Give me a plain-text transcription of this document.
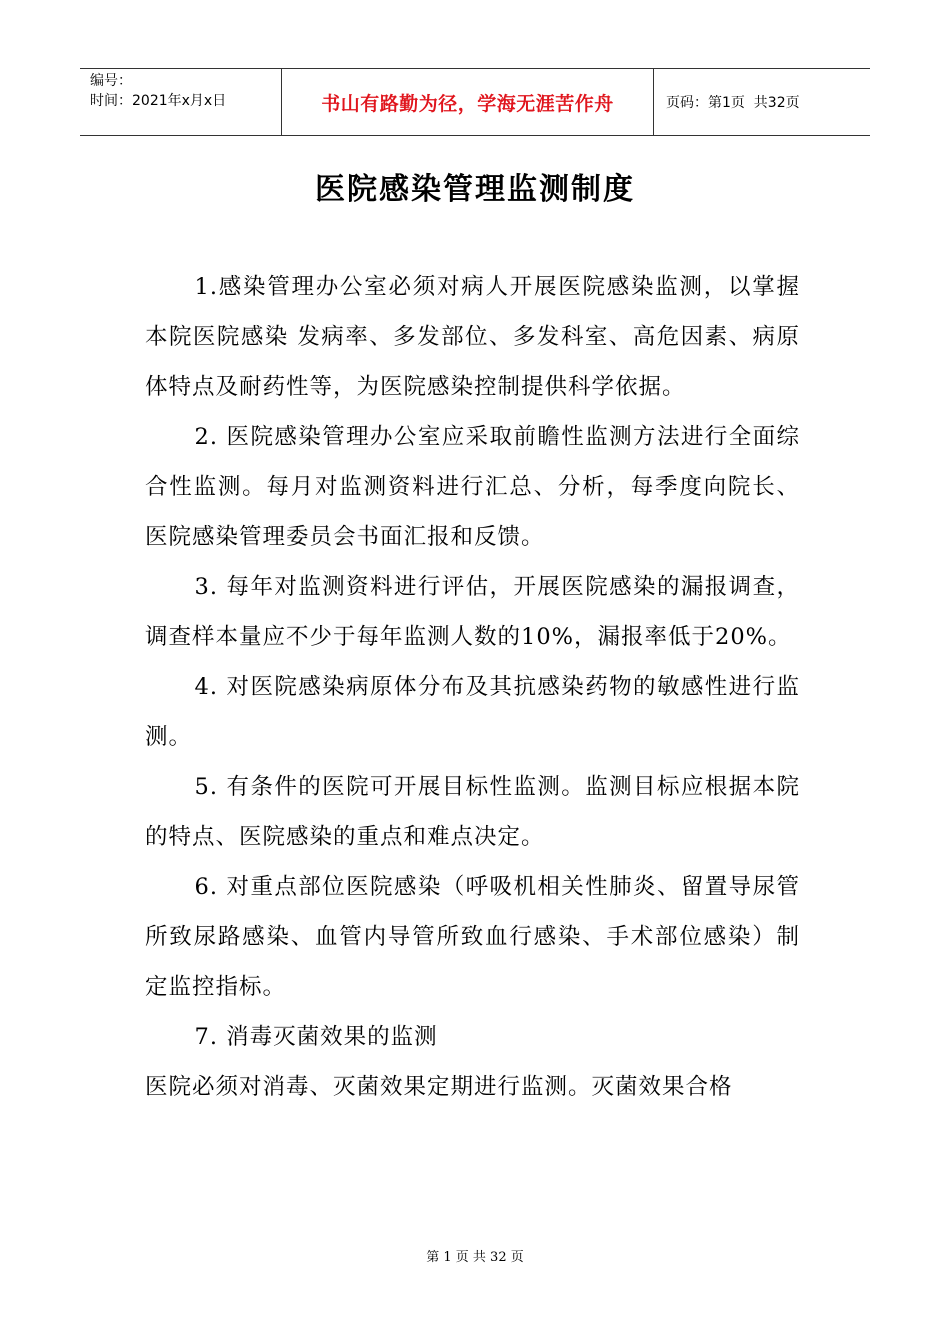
编号：
时间：2021年x月x日	书山有路勤为径，学海无涯苦作舟	页码：第1页  共32页
医院感染管理监测制度

1.感染管理办公室必须对病人开展医院感染监测，以掌握本院医院感染 发病率、多发部位、多发科室、高危因素、病原体特点及耐药性等，为医院感染控制提供科学依据。

2. 医院感染管理办公室应采取前瞻性监测方法进行全面综合性监测。每月对监测资料进行汇总、分析，每季度向院长、医院感染管理委员会书面汇报和反馈。

3. 每年对监测资料进行评估，开展医院感染的漏报调查，调查样本量应不少于每年监测人数的10%，漏报率低于20%。

4. 对医院感染病原体分布及其抗感染药物的敏感性进行监测。

5. 有条件的医院可开展目标性监测。监测目标应根据本院的特点、医院感染的重点和难点决定。

6. 对重点部位医院感染（呼吸机相关性肺炎、留置导尿管所致尿路感染、血管内导管所致血行感染、手术部位感染）制定监控指标。

7. 消毒灭菌效果的监测

医院必须对消毒、灭菌效果定期进行监测。灭菌效果合格

第 1 页 共 32 页
